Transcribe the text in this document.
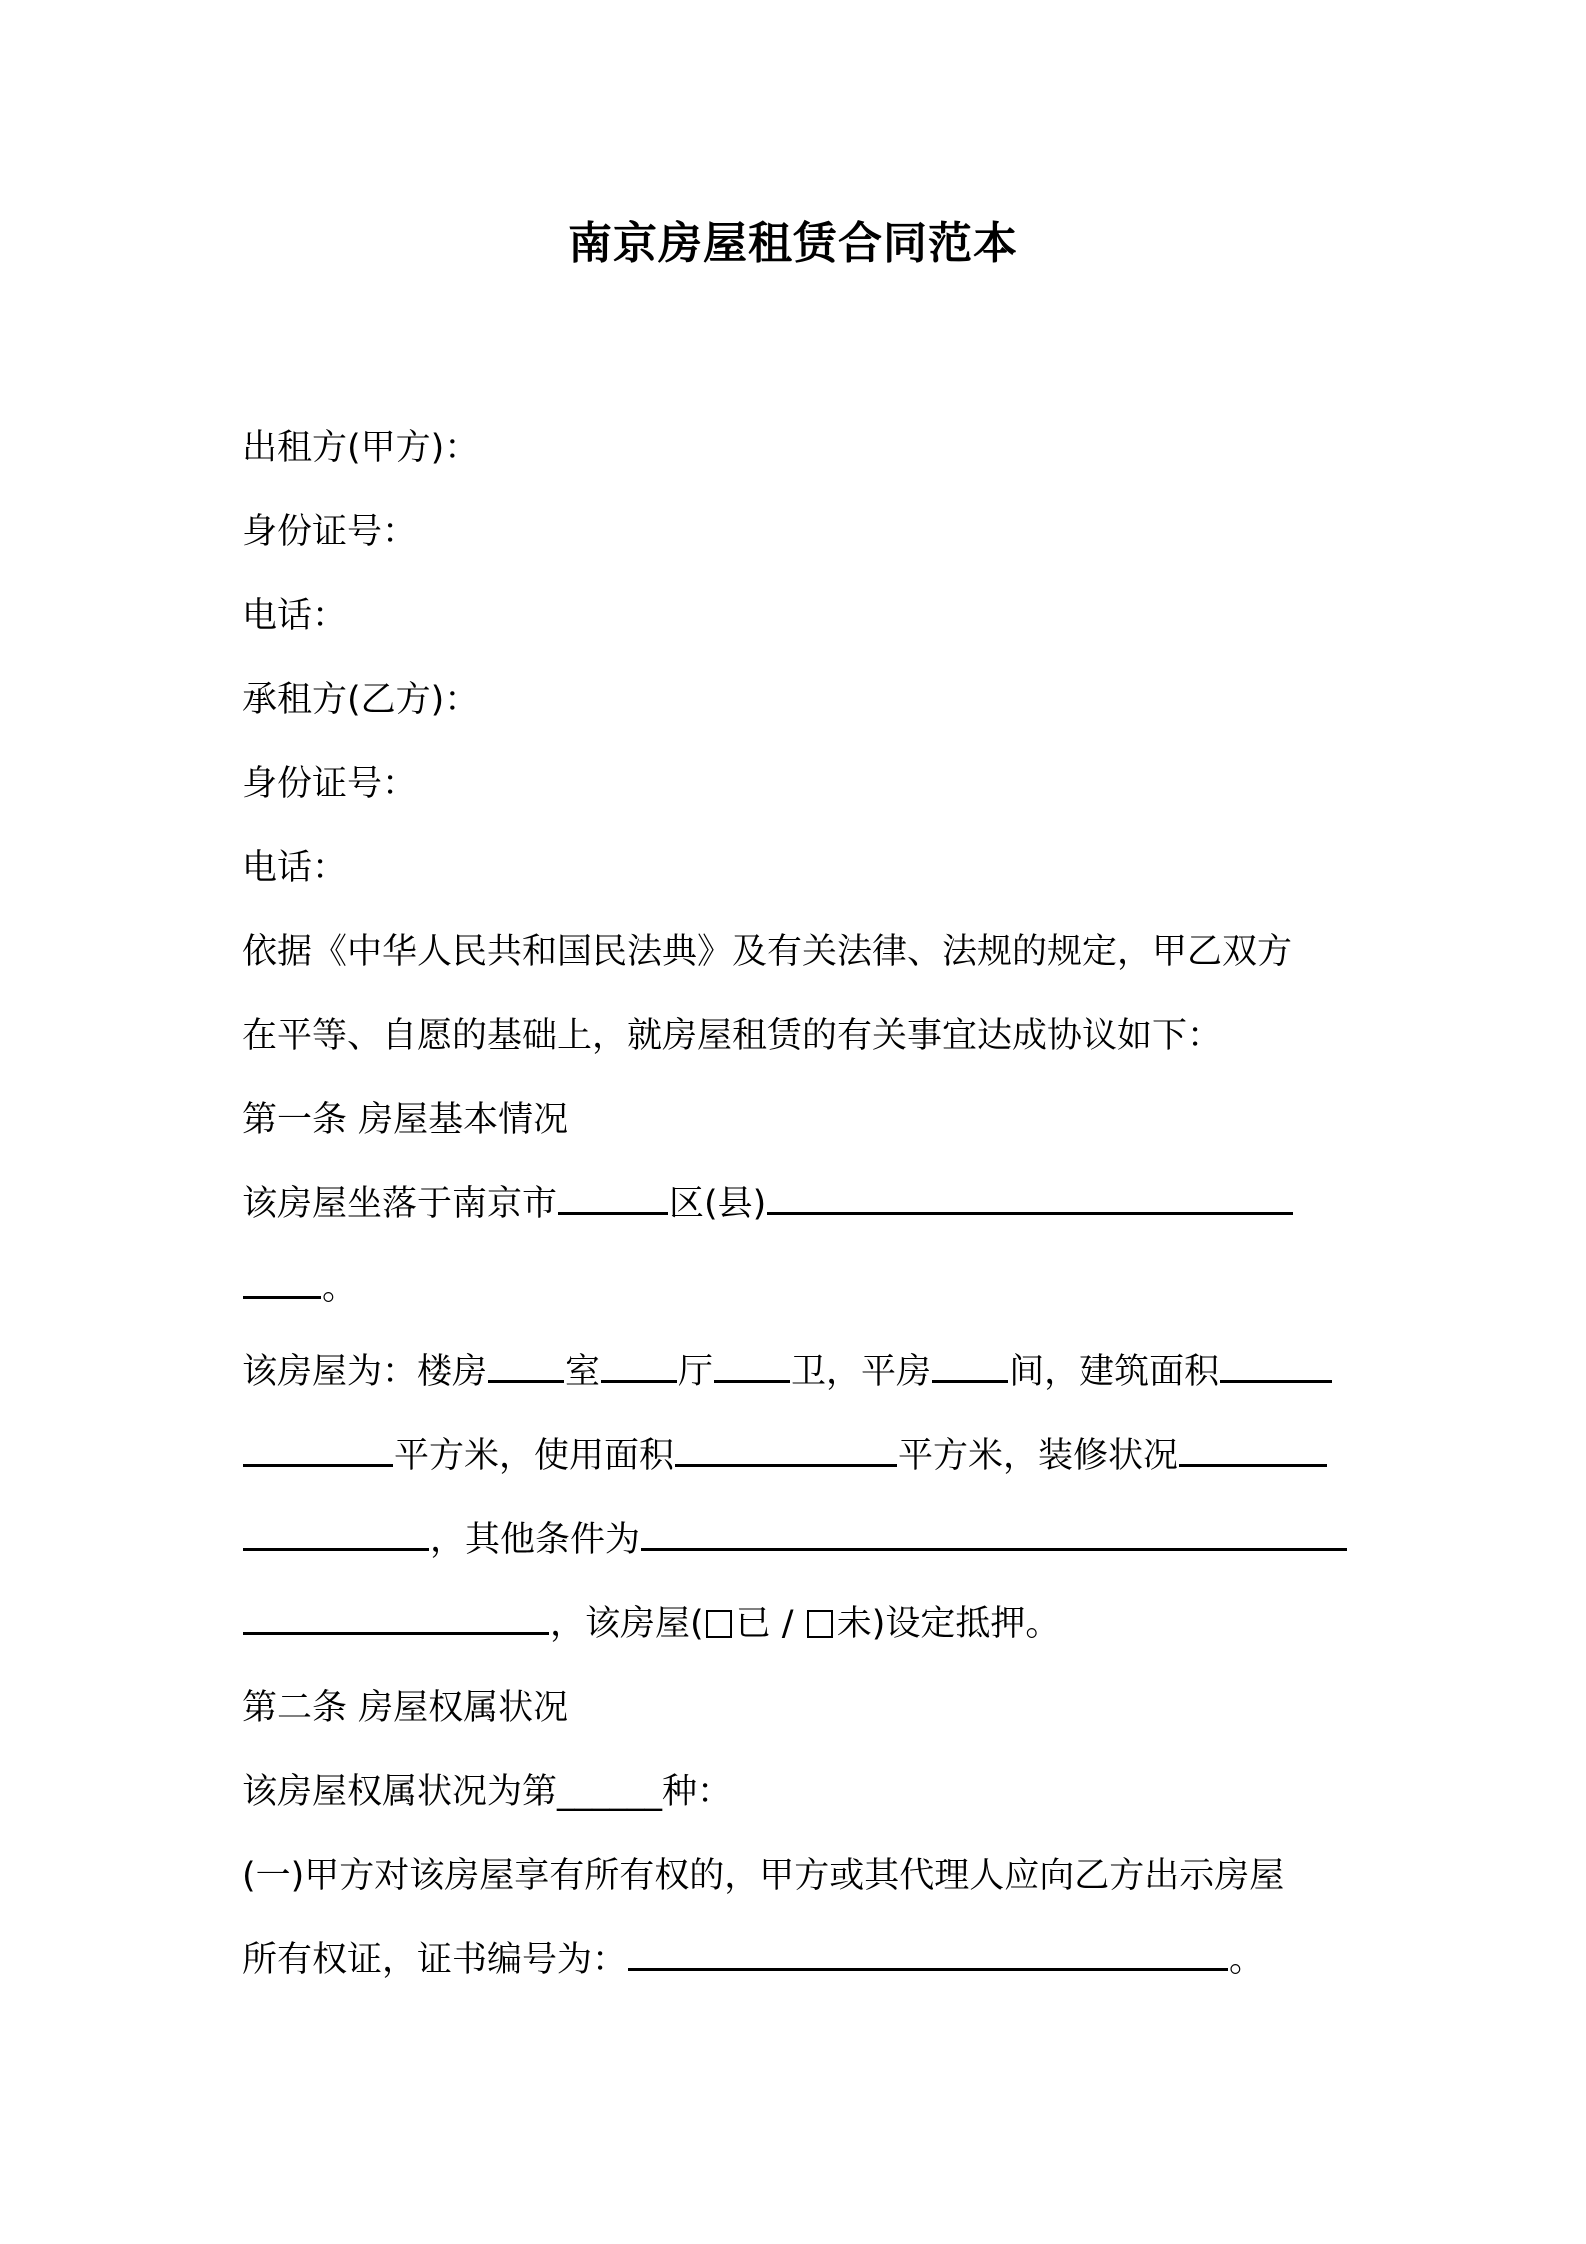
南京房屋租赁合同范本
出租方(甲方)：
身份证号：
电话：
承租方(乙方)：
身份证号：
电话：
依据《中华人民共和国民法典》及有关法律、法规的规定，甲乙双方
在平等、自愿的基础上，就房屋租赁的有关事宜达成协议如下：
第一条 房屋基本情况
该房屋坐落于南京市	区(县)
。
该房屋为：楼房 室 厅 卫，平房 间，建筑面积
平方米，使用面积	平方米，装修状况
，其他条件为
，该房屋( 已 / 未)设定抵押。
第二条 房屋权属状况
该房屋权属状况为第______种：
(一)甲方对该房屋享有所有权的，甲方或其代理人应向乙方出示房屋
所有权证，证书编号为：	。
